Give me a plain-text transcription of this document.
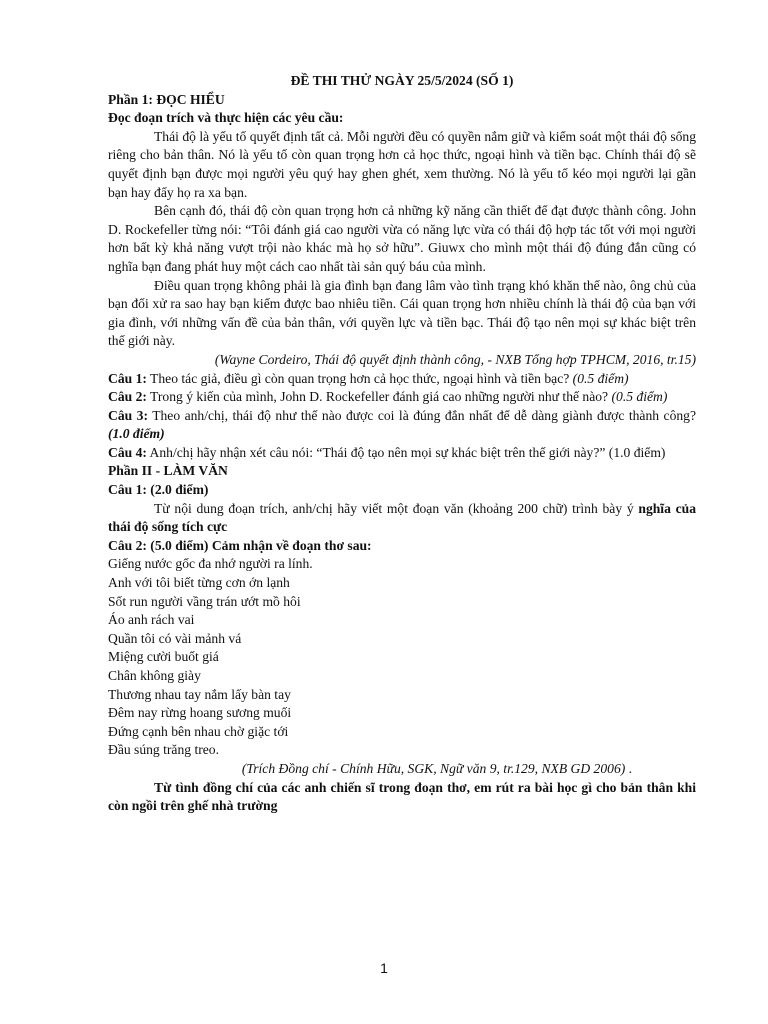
ĐỀ THI THỬ NGÀY 25/5/2024 (SỐ 1)
Phần 1: ĐỌC HIỂU
Đọc đoạn trích và thực hiện các yêu cầu:

Thái độ là yếu tố quyết định tất cả. Mỗi người đều có quyền nắm giữ và kiểm soát một thái độ sống riêng cho bản thân. Nó là yếu tố còn quan trọng hơn cả học thức, ngoại hình và tiền bạc. Chính thái độ sẽ quyết định bạn được mọi người yêu quý hay ghen ghét, xem thường. Nó là yếu tố kéo mọi người lại gần bạn hay đẩy họ ra xa bạn.

Bên cạnh đó, thái độ còn quan trọng hơn cả những kỹ năng cần thiết để đạt được thành công. John D. Rockefeller từng nói: “Tôi đánh giá cao người vừa có năng lực vừa có thái độ hợp tác tốt với mọi người hơn bất kỳ khả năng vượt trội nào khác mà họ sở hữu”. Giuwx cho mình một thái độ đúng đắn cũng có nghĩa bạn đang phát huy một cách cao nhất tài sản quý báu của mình.

Điều quan trọng không phải là gia đình bạn đang lâm vào tình trạng khó khăn thế nào, ông chủ của bạn đối xử ra sao hay bạn kiếm được bao nhiêu tiền. Cái quan trọng hơn nhiều chính là thái độ của bạn với gia đình, với những vấn đề của bản thân, với quyền lực và tiền bạc. Thái độ tạo nên mọi sự khác biệt trên thế giới này.

(Wayne Cordeiro, Thái độ quyết định thành công, - NXB Tổng hợp TPHCM, 2016, tr.15)

Câu 1: Theo tác giả, điều gì còn quan trọng hơn cả học thức, ngoại hình và tiền bạc? (0.5 điểm)

Câu 2: Trong ý kiến của mình, John D. Rockefeller đánh giá cao những người như thế nào? (0.5 điểm)

Câu 3: Theo anh/chị, thái độ như thế nào được coi là đúng đắn nhất để dễ dàng giành được thành công? (1.0 điểm)

Câu 4: Anh/chị hãy nhận xét câu nói: “Thái độ tạo nên mọi sự khác biệt trên thế giới này?” (1.0 điểm)

Phần II - LÀM VĂN
Câu 1: (2.0 điểm)

Từ nội dung đoạn trích, anh/chị hãy viết một đoạn văn (khoảng 200 chữ) trình bày ý nghĩa của thái độ sống tích cực

Câu 2: (5.0 điểm) Cảm nhận về đoạn thơ sau:
Giếng nước gốc đa nhớ người ra lính.
Anh với tôi biết từng cơn ớn lạnh
Sốt run người vầng trán ướt mồ hôi
Áo anh rách vai
Quần tôi có vài mảnh vá
Miệng cười buốt giá
Chân không giày
Thương nhau tay nắm lấy bàn tay
Đêm nay rừng hoang sương muối
Đứng cạnh bên nhau chờ giặc tới
Đầu súng trăng treo.

(Trích Đồng chí - Chính Hữu, SGK, Ngữ văn 9, tr.129, NXB GD 2006) .

Từ tình đồng chí của các anh chiến sĩ trong đoạn thơ, em rút ra bài học gì cho bản thân khi còn ngồi trên ghế nhà trường

1
